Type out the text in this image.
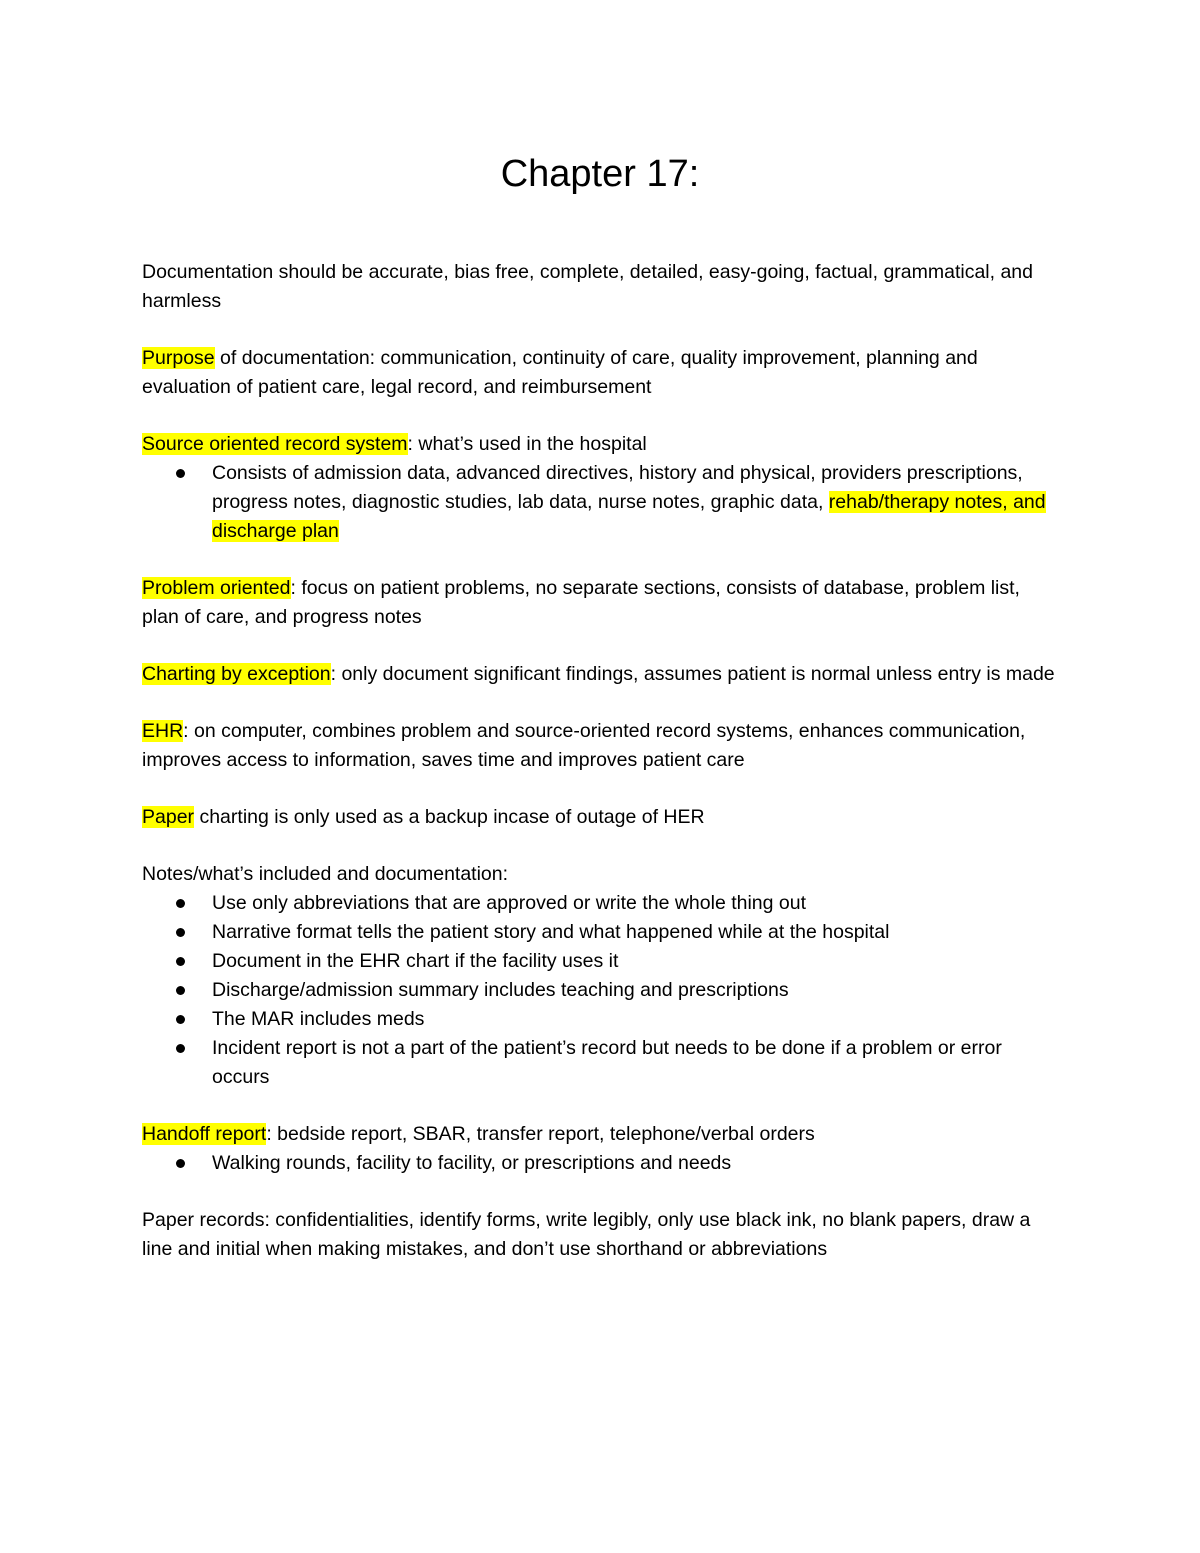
Chapter 17:

Documentation should be accurate, bias free, complete, detailed, easy-going, factual, grammatical, and harmless

Purpose of documentation: communication, continuity of care, quality improvement, planning and evaluation of patient care, legal record, and reimbursement

Source oriented record system: what’s used in the hospital
Consists of admission data, advanced directives, history and physical, providers prescriptions, progress notes, diagnostic studies, lab data, nurse notes, graphic data, rehab/therapy notes, and discharge plan

Problem oriented: focus on patient problems, no separate sections, consists of database, problem list, plan of care, and progress notes

Charting by exception: only document significant findings, assumes patient is normal unless entry is made

EHR: on computer, combines problem and source-oriented record systems, enhances communication, improves access to information, saves time and improves patient care

Paper charting is only used as a backup incase of outage of HER

Notes/what’s included and documentation:
Use only abbreviations that are approved or write the whole thing out
Narrative format tells the patient story and what happened while at the hospital
Document in the EHR chart if the facility uses it
Discharge/admission summary includes teaching and prescriptions
The MAR includes meds
Incident report is not a part of the patient’s record but needs to be done if a problem or error occurs
Handoff report: bedside report, SBAR, transfer report, telephone/verbal orders
Walking rounds, facility to facility, or prescriptions and needs

Paper records: confidentialities, identify forms, write legibly, only use black ink, no blank papers, draw a line and initial when making mistakes, and don’t use shorthand or abbreviations
